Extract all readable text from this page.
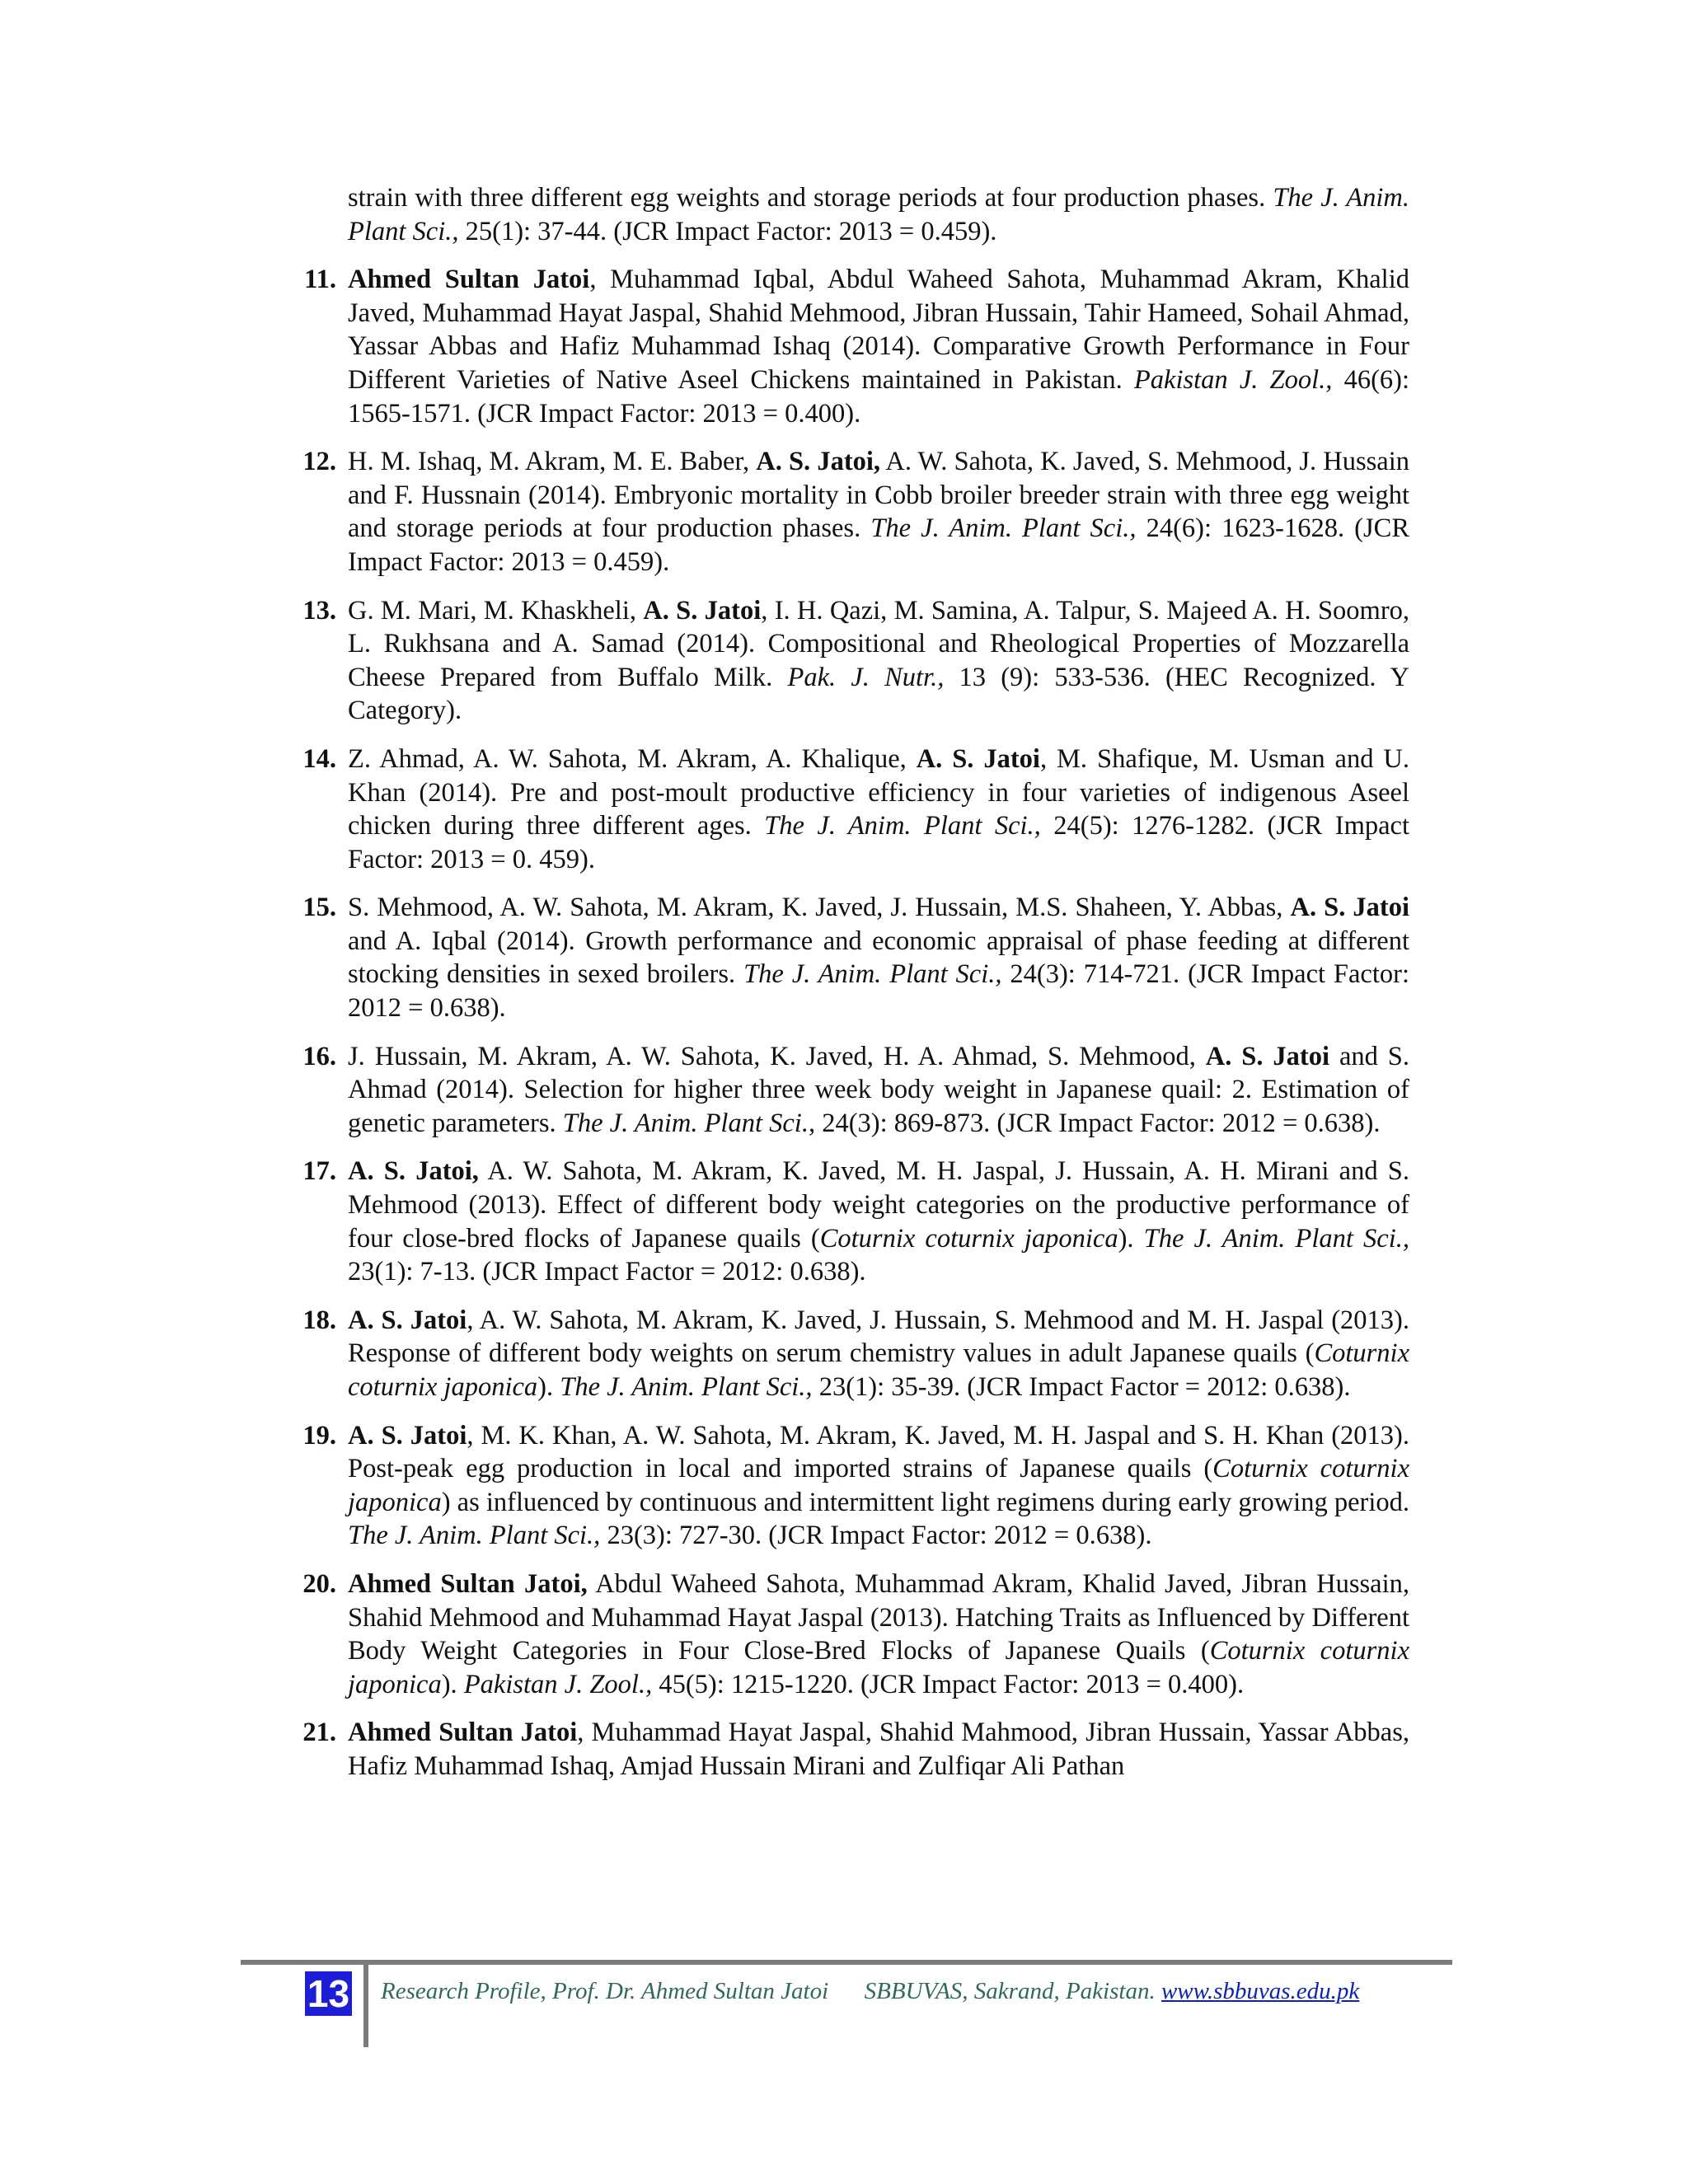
strain with three different egg weights and storage periods at four production phases. The J. Anim. Plant Sci., 25(1): 37-44. (JCR Impact Factor: 2013 = 0.459).
11. Ahmed Sultan Jatoi, Muhammad Iqbal, Abdul Waheed Sahota, Muhammad Akram, Khalid Javed, Muhammad Hayat Jaspal, Shahid Mehmood, Jibran Hussain, Tahir Hameed, Sohail Ahmad, Yassar Abbas and Hafiz Muhammad Ishaq (2014). Comparative Growth Performance in Four Different Varieties of Native Aseel Chickens maintained in Pakistan. Pakistan J. Zool., 46(6): 1565-1571. (JCR Impact Factor: 2013 = 0.400).
12. H. M. Ishaq, M. Akram, M. E. Baber, A. S. Jatoi, A. W. Sahota, K. Javed, S. Mehmood, J. Hussain and F. Hussnain (2014). Embryonic mortality in Cobb broiler breeder strain with three egg weight and storage periods at four production phases. The J. Anim. Plant Sci., 24(6): 1623-1628. (JCR Impact Factor: 2013 = 0.459).
13. G. M. Mari, M. Khaskheli, A. S. Jatoi, I. H. Qazi, M. Samina, A. Talpur, S. Majeed A. H. Soomro, L. Rukhsana and A. Samad (2014). Compositional and Rheological Properties of Mozzarella Cheese Prepared from Buffalo Milk. Pak. J. Nutr., 13 (9): 533-536. (HEC Recognized. Y Category).
14. Z. Ahmad, A. W. Sahota, M. Akram, A. Khalique, A. S. Jatoi, M. Shafique, M. Usman and U. Khan (2014). Pre and post-moult productive efficiency in four varieties of indigenous Aseel chicken during three different ages. The J. Anim. Plant Sci., 24(5): 1276-1282. (JCR Impact Factor: 2013 = 0. 459).
15. S. Mehmood, A. W. Sahota, M. Akram, K. Javed, J. Hussain, M.S. Shaheen, Y. Abbas, A. S. Jatoi and A. Iqbal (2014). Growth performance and economic appraisal of phase feeding at different stocking densities in sexed broilers. The J. Anim. Plant Sci., 24(3): 714-721. (JCR Impact Factor: 2012 = 0.638).
16. J. Hussain, M. Akram, A. W. Sahota, K. Javed, H. A. Ahmad, S. Mehmood, A. S. Jatoi and S. Ahmad (2014). Selection for higher three week body weight in Japanese quail: 2. Estimation of genetic parameters. The J. Anim. Plant Sci., 24(3): 869-873. (JCR Impact Factor: 2012 = 0.638).
17. A. S. Jatoi, A. W. Sahota, M. Akram, K. Javed, M. H. Jaspal, J. Hussain, A. H. Mirani and S. Mehmood (2013). Effect of different body weight categories on the productive performance of four close-bred flocks of Japanese quails (Coturnix coturnix japonica). The J. Anim. Plant Sci., 23(1): 7-13. (JCR Impact Factor = 2012: 0.638).
18. A. S. Jatoi, A. W. Sahota, M. Akram, K. Javed, J. Hussain, S. Mehmood and M. H. Jaspal (2013). Response of different body weights on serum chemistry values in adult Japanese quails (Coturnix coturnix japonica). The J. Anim. Plant Sci., 23(1): 35-39. (JCR Impact Factor = 2012: 0.638).
19. A. S. Jatoi, M. K. Khan, A. W. Sahota, M. Akram, K. Javed, M. H. Jaspal and S. H. Khan (2013). Post-peak egg production in local and imported strains of Japanese quails (Coturnix coturnix japonica) as influenced by continuous and intermittent light regimens during early growing period. The J. Anim. Plant Sci., 23(3): 727-30. (JCR Impact Factor: 2012 = 0.638).
20. Ahmed Sultan Jatoi, Abdul Waheed Sahota, Muhammad Akram, Khalid Javed, Jibran Hussain, Shahid Mehmood and Muhammad Hayat Jaspal (2013). Hatching Traits as Influenced by Different Body Weight Categories in Four Close-Bred Flocks of Japanese Quails (Coturnix coturnix japonica). Pakistan J. Zool., 45(5): 1215-1220. (JCR Impact Factor: 2013 = 0.400).
21. Ahmed Sultan Jatoi, Muhammad Hayat Jaspal, Shahid Mahmood, Jibran Hussain, Yassar Abbas, Hafiz Muhammad Ishaq, Amjad Hussain Mirani and Zulfiqar Ali Pathan
13 Research Profile, Prof. Dr. Ahmed Sultan Jatoi SBBUVAS, Sakrand, Pakistan. www.sbbuvas.edu.pk
